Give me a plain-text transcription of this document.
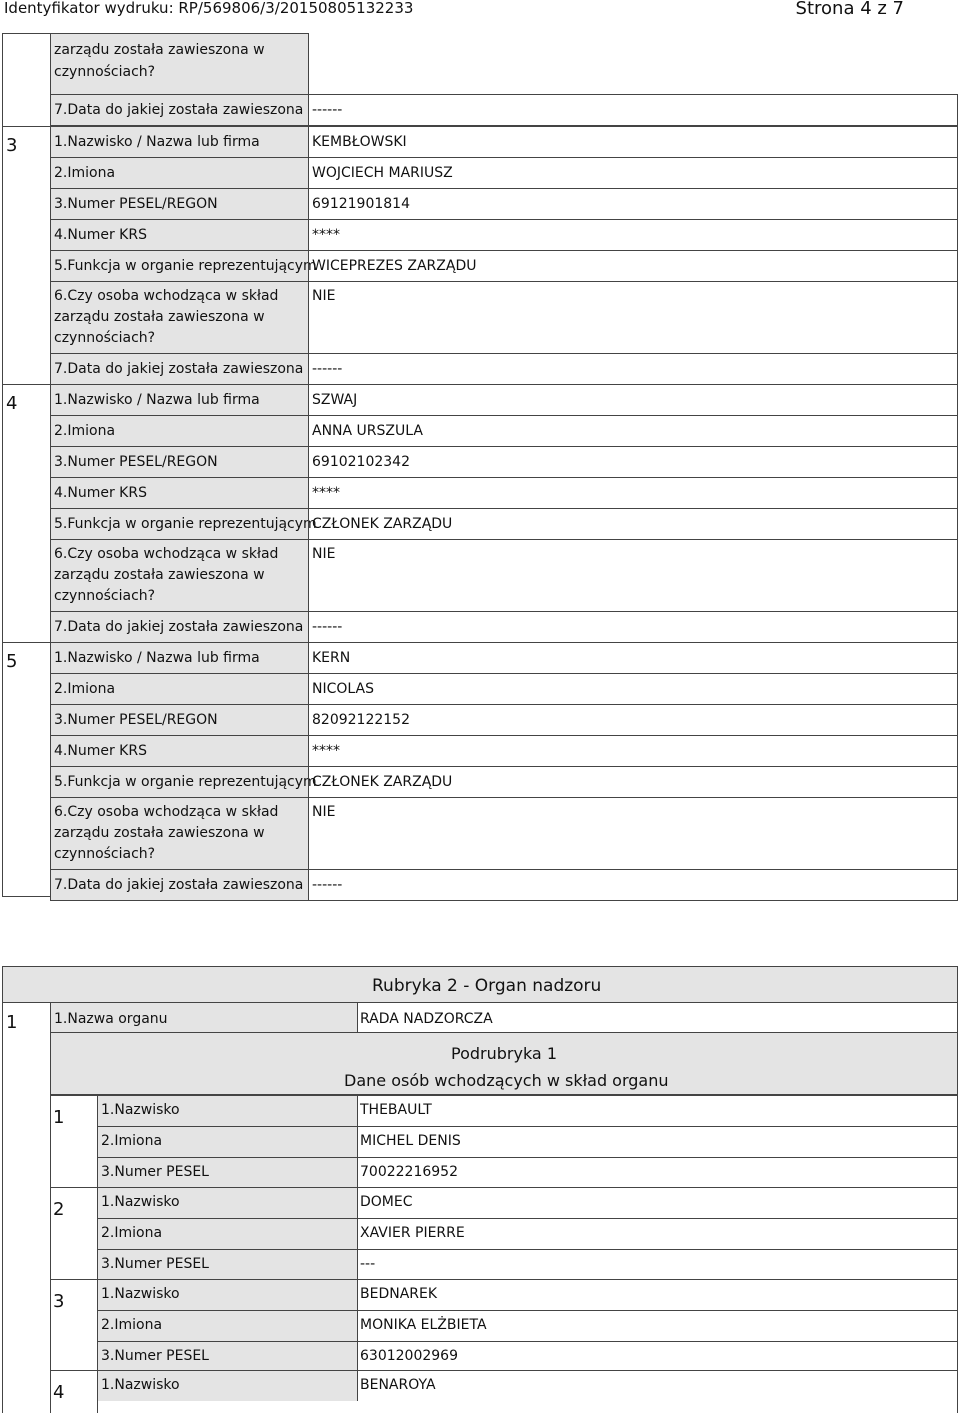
Identyfikator wydruku: RP/569806/3/20150805132233	Strona 4 z 7
zarządu została zawieszona w
czynnościach?
7.Data do jakiej została zawieszona ------
3	1.Nazwisko / Nazwa lub firma	KEMBŁOWSKI
2.Imiona	WOJCIECH MARIUSZ
3.Numer PESEL/REGON	69121901814
4.Numer KRS	****
5.Funkcja w organie reprezentującym
WICEPREZES ZARZĄDU
6.Czy osoba wchodząca w skład
zarządu została zawieszona w
czynnościach?
NIE
7.Data do jakiej została zawieszona ------
4	1.Nazwisko / Nazwa lub firma	SZWAJ
2.Imiona	ANNA URSZULA
3.Numer PESEL/REGON	69102102342
4.Numer KRS	****
5.Funkcja w organie reprezentującym
CZŁONEK ZARZĄDU
6.Czy osoba wchodząca w skład
zarządu została zawieszona w
czynnościach?
NIE
7.Data do jakiej została zawieszona ------
5	1.Nazwisko / Nazwa lub firma	KERN
2.Imiona	NICOLAS
3.Numer PESEL/REGON	82092122152
4.Numer KRS	****
5.Funkcja w organie reprezentującym
CZŁONEK ZARZĄDU
6.Czy osoba wchodząca w skład
zarządu została zawieszona w
czynnościach?
NIE
7.Data do jakiej została zawieszona ------
Rubryka 2 - Organ nadzoru
1	1.Nazwa organu	RADA NADZORCZA
Podrubryka 1
Dane osób wchodzących w skład organu
1	1.Nazwisko	THEBAULT
2.Imiona	MICHEL DENIS
3.Numer PESEL	70022216952
2	1.Nazwisko	DOMEC
2.Imiona	XAVIER PIERRE
3.Numer PESEL	---
3	1.Nazwisko	BEDNAREK
2.Imiona	MONIKA ELŻBIETA
3.Numer PESEL	63012002969
4	1.Nazwisko	BENAROYA
